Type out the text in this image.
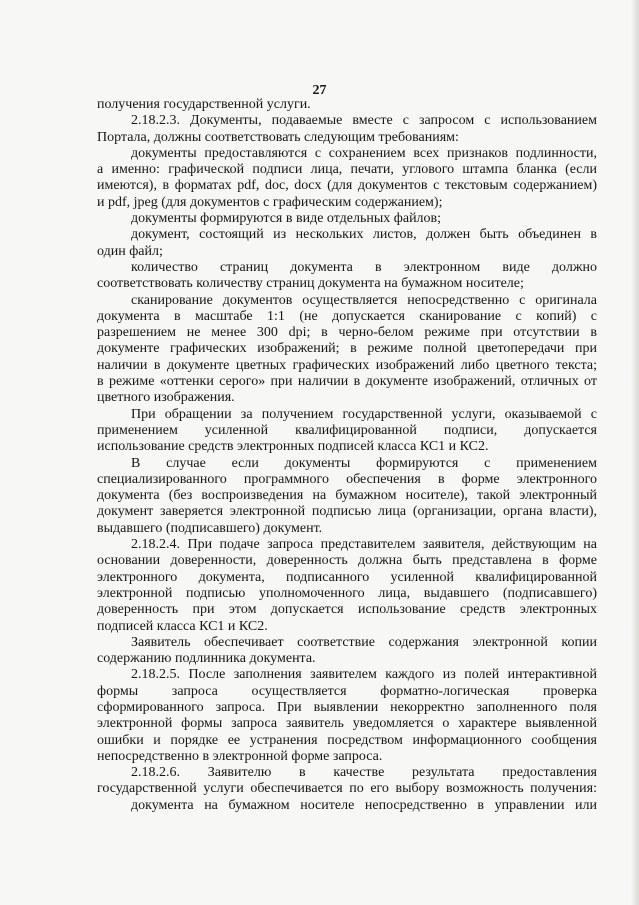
27
получения государственной услуги.
2.18.2.3. Документы, подаваемые вместе с запросом с использованием
Портала, должны соответствовать следующим требованиям:
документы предоставляются с сохранением всех признаков подлинности,
а именно: графической подписи лица, печати, углового штампа бланка (если
имеются), в форматах pdf, doc, docx (для документов с текстовым содержанием)
и pdf, jpeg (для документов с графическим содержанием);
документы формируются в виде отдельных файлов;
документ, состоящий из нескольких листов, должен быть объединен в
один файл;
количество страниц документа в электронном виде должно
соответствовать количеству страниц документа на бумажном носителе;
сканирование документов осуществляется непосредственно с оригинала
документа в масштабе 1:1 (не допускается сканирование с копий) с
разрешением не менее 300 dpi; в черно-белом режиме при отсутствии в
документе графических изображений; в режиме полной цветопередачи при
наличии в документе цветных графических изображений либо цветного текста;
в режиме «оттенки серого» при наличии в документе изображений, отличных от
цветного изображения.
При обращении за получением государственной услуги, оказываемой с
применением усиленной квалифицированной подписи, допускается
использование средств электронных подписей класса КС1 и КС2.
В случае если документы формируются с применением
специализированного программного обеспечения в форме электронного
документа (без воспроизведения на бумажном носителе), такой электронный
документ заверяется электронной подписью лица (организации, органа власти),
выдавшего (подписавшего) документ.
2.18.2.4. При подаче запроса представителем заявителя, действующим на
основании доверенности, доверенность должна быть представлена в форме
электронного документа, подписанного усиленной квалифицированной
электронной подписью уполномоченного лица, выдавшего (подписавшего)
доверенность при этом допускается использование средств электронных
подписей класса КС1 и КС2.
Заявитель обеспечивает соответствие содержания электронной копии
содержанию подлинника документа.
2.18.2.5. После заполнения заявителем каждого из полей интерактивной
формы запроса осуществляется форматно-логическая проверка
сформированного запроса. При выявлении некорректно заполненного поля
электронной формы запроса заявитель уведомляется о характере выявленной
ошибки и порядке ее устранения посредством информационного сообщения
непосредственно в электронной форме запроса.
2.18.2.6. Заявителю в качестве результата предоставления
государственной услуги обеспечивается по его выбору возможность получения:
документа на бумажном носителе непосредственно в управлении или
